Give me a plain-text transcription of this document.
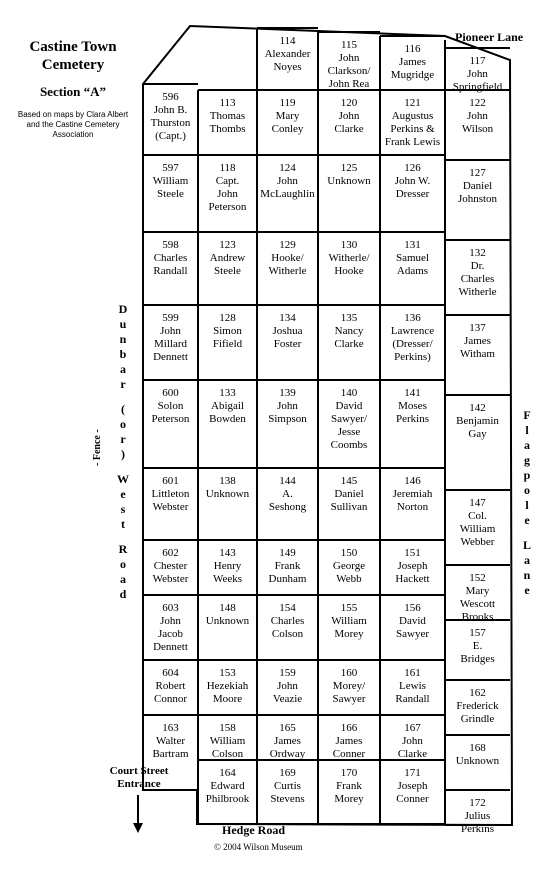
Castine Town Cemetery
Section “A”
Based on maps by Clara Albert and the Castine Cemetery Association
Pioneer Lane
Hedge Road
© 2004 Wilson Museum
Court Street Entrance
D
u
n
b
a
r
(
o
r
)
W
e
s
t
R
o
a
d
F
l
a
g
p
o
l
e
L
a
n
e
- Fence -
113
Thomas
Thombs
114
Alexander
Noyes
115
John
Clarkson/
John Rea
116
James
Mugridge
117
John
Springfield
596
John B.
Thurston
(Capt.)
118
Capt.
John
Peterson
119
Mary
Conley
120
John
Clarke
121
Augustus
Perkins &
Frank Lewis
122
John
Wilson
597
William
Steele
123
Andrew
Steele
124
John
McLaughlin
125
Unknown
126
John W.
Dresser
127
Daniel
Johnston
598
Charles
Randall
128
Simon
Fifield
129
Hooke/
Witherle
130
Witherle/
Hooke
131
Samuel
Adams
132
Dr.
Charles
Witherle
599
John
Millard
Dennett
133
Abigail
Bowden
134
Joshua
Foster
135
Nancy
Clarke
136
Lawrence
(Dresser/
Perkins)
137
James
Witham
600
Solon
Peterson
138
Unknown
139
John
Simpson
140
David
Sawyer/
Jesse
Coombs
141
Moses
Perkins
142
Benjamin
Gay
601
Littleton
Webster
143
Henry
Weeks
144
A.
Seshong
145
Daniel
Sullivan
146
Jeremiah
Norton	147
Col.
William
Webber
602
Chester
Webster
148
Unknown
149
Frank
Dunham
150
George
Webb
151
Joseph
Hackett	152
Mary
Wescott
Brooks
603
John
Jacob
Dennett
153
Hezekiah
Moore
154
Charles
Colson
155
William
Morey
156
David
Sawyer	157
E.
Bridges
604
Robert
Connor
158
William
Colson
159
John
Veazie
160
Morey/
Sawyer
161
Lewis
Randall	162
Frederick
Grindle
163
Walter
Bartram
164
Edward
Philbrook
165
James
Ordway
166
James
Conner
167
John
Clarke	168
Unknown
169
Curtis
Stevens
170
Frank
Morey
171
Joseph
Conner	172
Julius
Perkins
